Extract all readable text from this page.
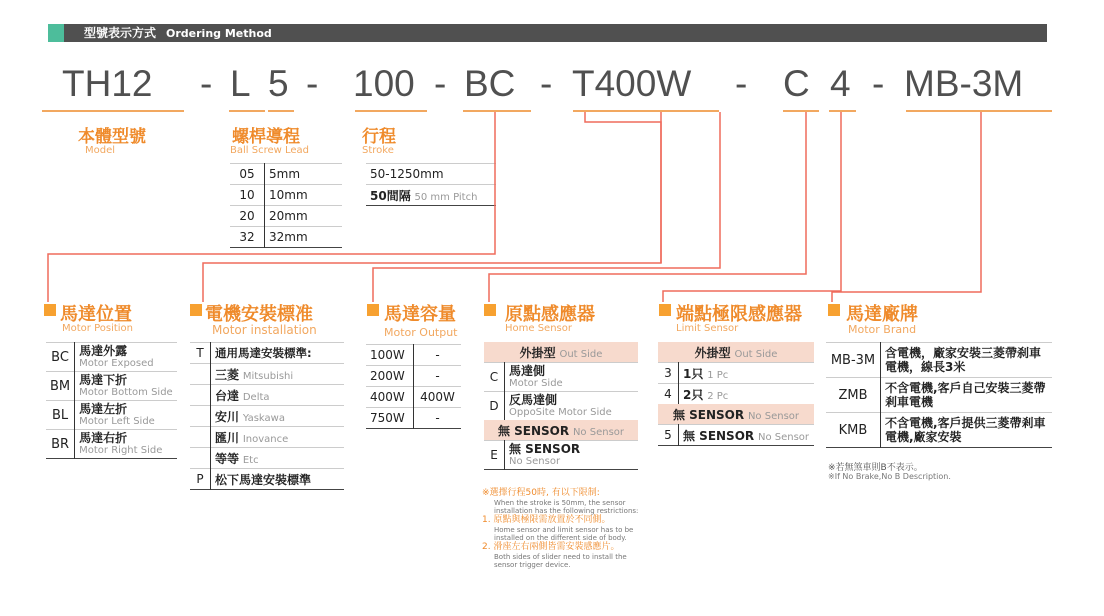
型號表示方式 Ordering Method
TH12 - L 5 - 100 - BC - T400W - C 4 - MB-3M
本體型號
Model
螺桿導程
Ball Screw Lead
05	5mm
10	10mm
20	20mm
32	32mm
行程
Stroke
50-1250mm
50間隔 50 mm Pitch
馬達位置
Motor Position
BC	馬達外露
Motor Exposed
BM	馬達下折
Motor Bottom Side
BL	馬達左折
Motor Left Side
BR	馬達右折
Motor Right Side
電機安裝標准
Motor installation
T	通用馬達安裝標準:
	三菱 Mitsubishi
	台達 Delta
	安川 Yaskawa
	匯川 Inovance
	等等 Etc
P	松下馬達安裝標準
馬達容量
Motor Output
100W	-
200W	-
400W	400W
750W	-
原點感應器
Home Sensor
外掛型 Out Side	
C	馬達側
Motor Side
D	反馬達側
OppoSite Motor Side
無 SENSOR No Sensor	
E	無 SENSOR
No Sensor
※選擇行程50時, 有以下限制:
When the stroke is 50mm, the sensor installation has the following restrictions:
1. 原點與極限需放置於不同側。
Home sensor and limit sensor has to be installed on the different side of body.
2. 滑座左右兩側皆需安裝感應片。
Both sides of slider need to install the sensor trigger device.
端點極限感應器
Limit Sensor
外掛型 Out Side	
3	1只 1 Pc
4	2只 2 Pc
無 SENSOR No Sensor	
5	無 SENSOR No Sensor
馬達廠牌
Motor Brand
MB-3M	含電機，廠家安裝三菱帶刹車電機，線長3米
ZMB	不含電機,客戶自己安裝三菱帶剎車電機
KMB	不含電機,客戶提供三菱帶剎車電機,廠家安裝
※若無煞車則B不表示。
※If No Brake,No B Description.
